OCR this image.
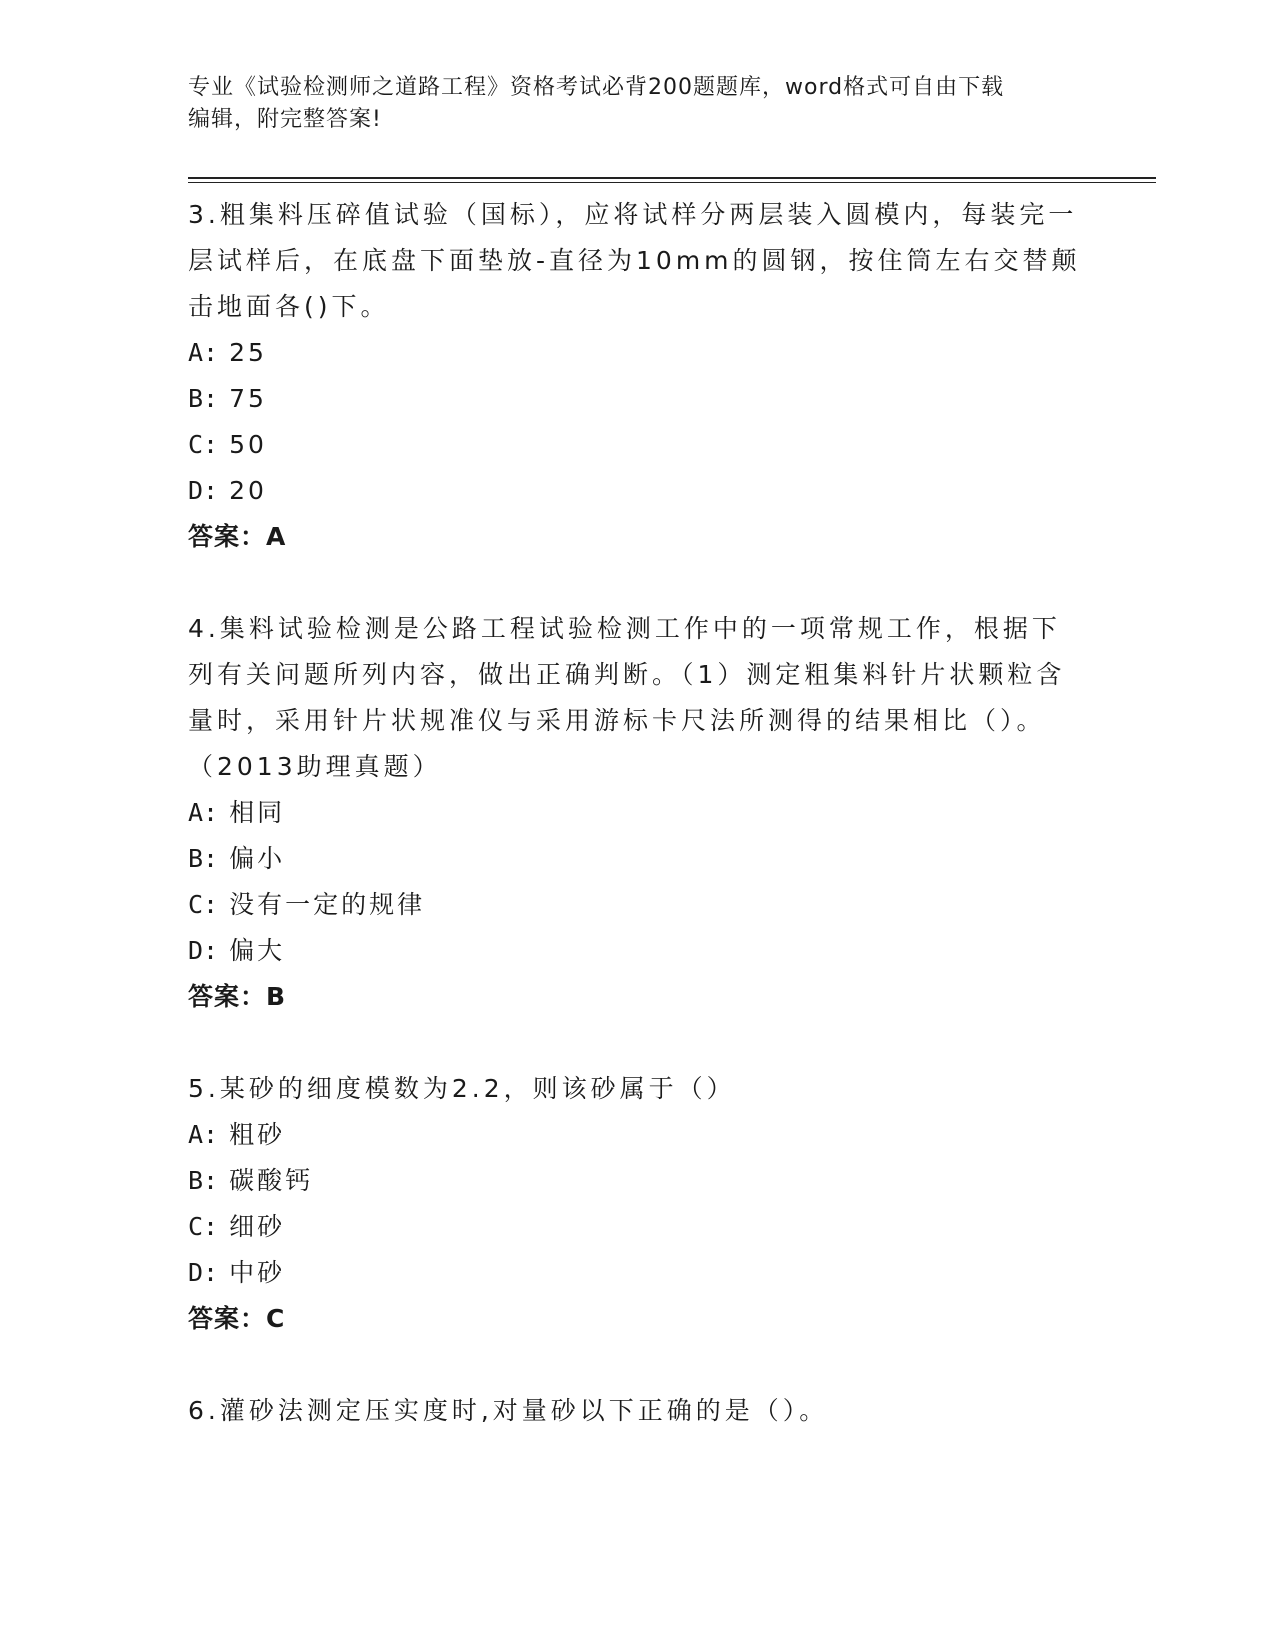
专业《试验检测师之道路工程》资格考试必背200题题库，word格式可自由下载
编辑，附完整答案!

3.粗集料压碎值试验（国标），应将试样分两层装入圆模内，每装完一层试样后，在底盘下面垫放-直径为10mm的圆钢，按住筒左右交替颠击地面各()下。

A: 25
B: 75
C: 50
D: 20
答案：A

4.集料试验检测是公路工程试验检测工作中的一项常规工作，根据下列有关问题所列内容，做出正确判断。（1）测定粗集料针片状颗粒含量时，采用针片状规准仪与采用游标卡尺法所测得的结果相比（）。（2013助理真题）

A: 相同
B: 偏小
C: 没有一定的规律
D: 偏大
答案：B

5.某砂的细度模数为2.2，则该砂属于（）

A: 粗砂
B: 碳酸钙
C: 细砂
D: 中砂
答案：C

6.灌砂法测定压实度时,对量砂以下正确的是（）。
